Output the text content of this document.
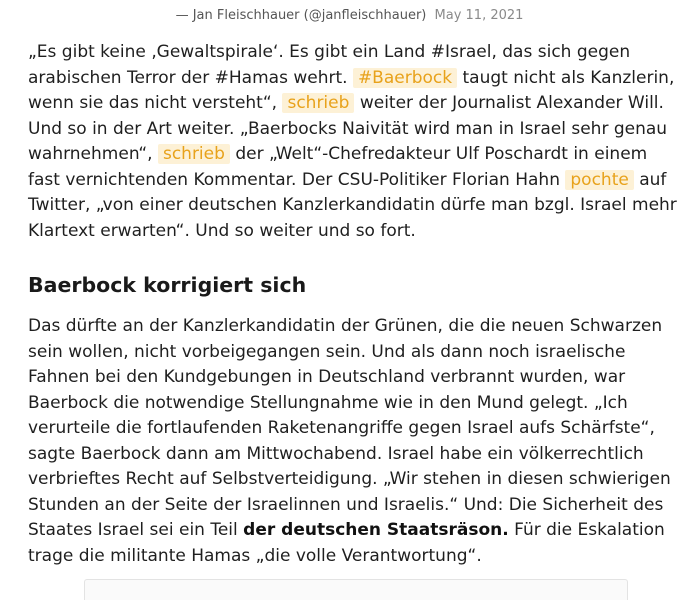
— Jan Fleischhauer (@janfleischhauer) May 11, 2021

„Es gibt keine ‚Gewaltspirale‘. Es gibt ein Land #Israel, das sich gegen arabischen Terror der #Hamas wehrt. #Baerbock taugt nicht als Kanzlerin, wenn sie das nicht versteht“, schrieb weiter der Journalist Alexander Will. Und so in der Art weiter. „Baerbocks Naivität wird man in Israel sehr genau wahrnehmen“, schrieb der „Welt“-Chefredakteur Ulf Poschardt in einem fast vernichtenden Kommentar. Der CSU-Politiker Florian Hahn pochte auf Twitter, „von einer deutschen Kanzlerkandidatin dürfe man bzgl. Israel mehr Klartext erwarten“. Und so weiter und so fort.

Baerbock korrigiert sich

Das dürfte an der Kanzlerkandidatin der Grünen, die die neuen Schwarzen sein wollen, nicht vorbeigegangen sein. Und als dann noch israelische Fahnen bei den Kundgebungen in Deutschland verbrannt wurden, war Baerbock die notwendige Stellungnahme wie in den Mund gelegt. „Ich verurteile die fortlaufenden Raketenangriffe gegen Israel aufs Schärfste“, sagte Baerbock dann am Mittwochabend. Israel habe ein völkerrechtlich verbrieftes Recht auf Selbstverteidigung. „Wir stehen in diesen schwierigen Stunden an der Seite der Israelinnen und Israelis.“ Und: Die Sicherheit des Staates Israel sei ein Teil der deutschen Staatsräson. Für die Eskalation trage die militante Hamas „die volle Verantwortung“.
